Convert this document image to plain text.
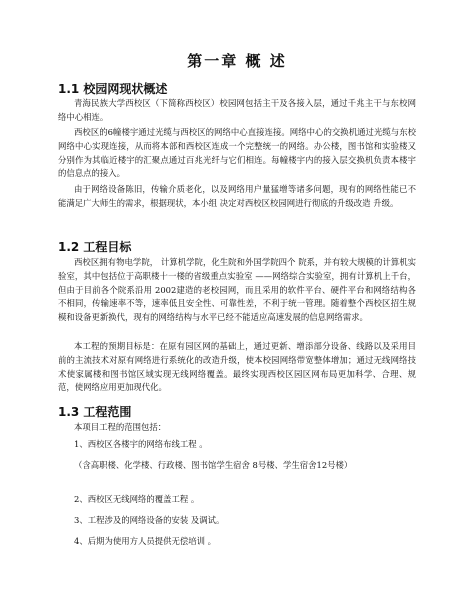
第一章 概 述
1.1 校园网现状概述

青海民族大学西校区（下简称西校区）校园网包括主干及各接入层，通过千兆主干与东校网络中心相连。

西校区的6幢楼宇通过光缆与西校区的网络中心直接连接。网络中心的交换机通过光缆与东校网络中心实现连接，从而将本部和西校区连成一个完整统一的网络。办公楼，图书馆和实验楼又分别作为其临近楼宇的汇聚点通过百兆光纤与它们相连。每幢楼宇内的接入层交换机负责本楼宇的信息点的接入。

由于网络设备陈旧，传输介质老化，以及网络用户量猛增等诸多问题，现有的网络性能已不能满足广大师生的需求，根据现状，本小组 决定对西校区校园网进行彻底的升级改造 升级。

1.2 工程目标

西校区拥有物电学院， 计算机学院，化生院和外国学院四个 院系，并有较大规模的计算机实验室，其中包括位于高职楼十一楼的省级重点实验室 ——网络综合实验室，拥有计算机上千台，但由于目前各个院系沿用 2002建造的老校园网，而且采用的软件平台、硬件平台和网络结构各不相同，传输速率不等，速率低且安全性、可靠性差，不利于统一管理。随着整个西校区招生规模和设备更新换代，现有的网络结构与水平已经不能适应高速发展的信息网络需求。

本工程的预期目标是：在原有园区网的基础上，通过更新、增添部分设备、线路以及采用目前的主流技术对原有网络进行系统化的改造升级，使本校园网络带宽整体增加；通过无线网络技术使家属楼和图书馆区域实现无线网络覆盖。最终实现西校区园区网布局更加科学、合理、规范，使网络应用更加现代化。

1.3 工程范围

本项目工程的范围包括：

1、西校区各楼宇的网络布线工程 。

（含高职楼、化学楼、行政楼、图书馆学生宿舍 8号楼、学生宿舍12号楼）

2、西校区无线网络的覆盖工程 。

3、工程涉及的网络设备的安装 及调试。

4、后期为使用方人员提供无偿培训 。
